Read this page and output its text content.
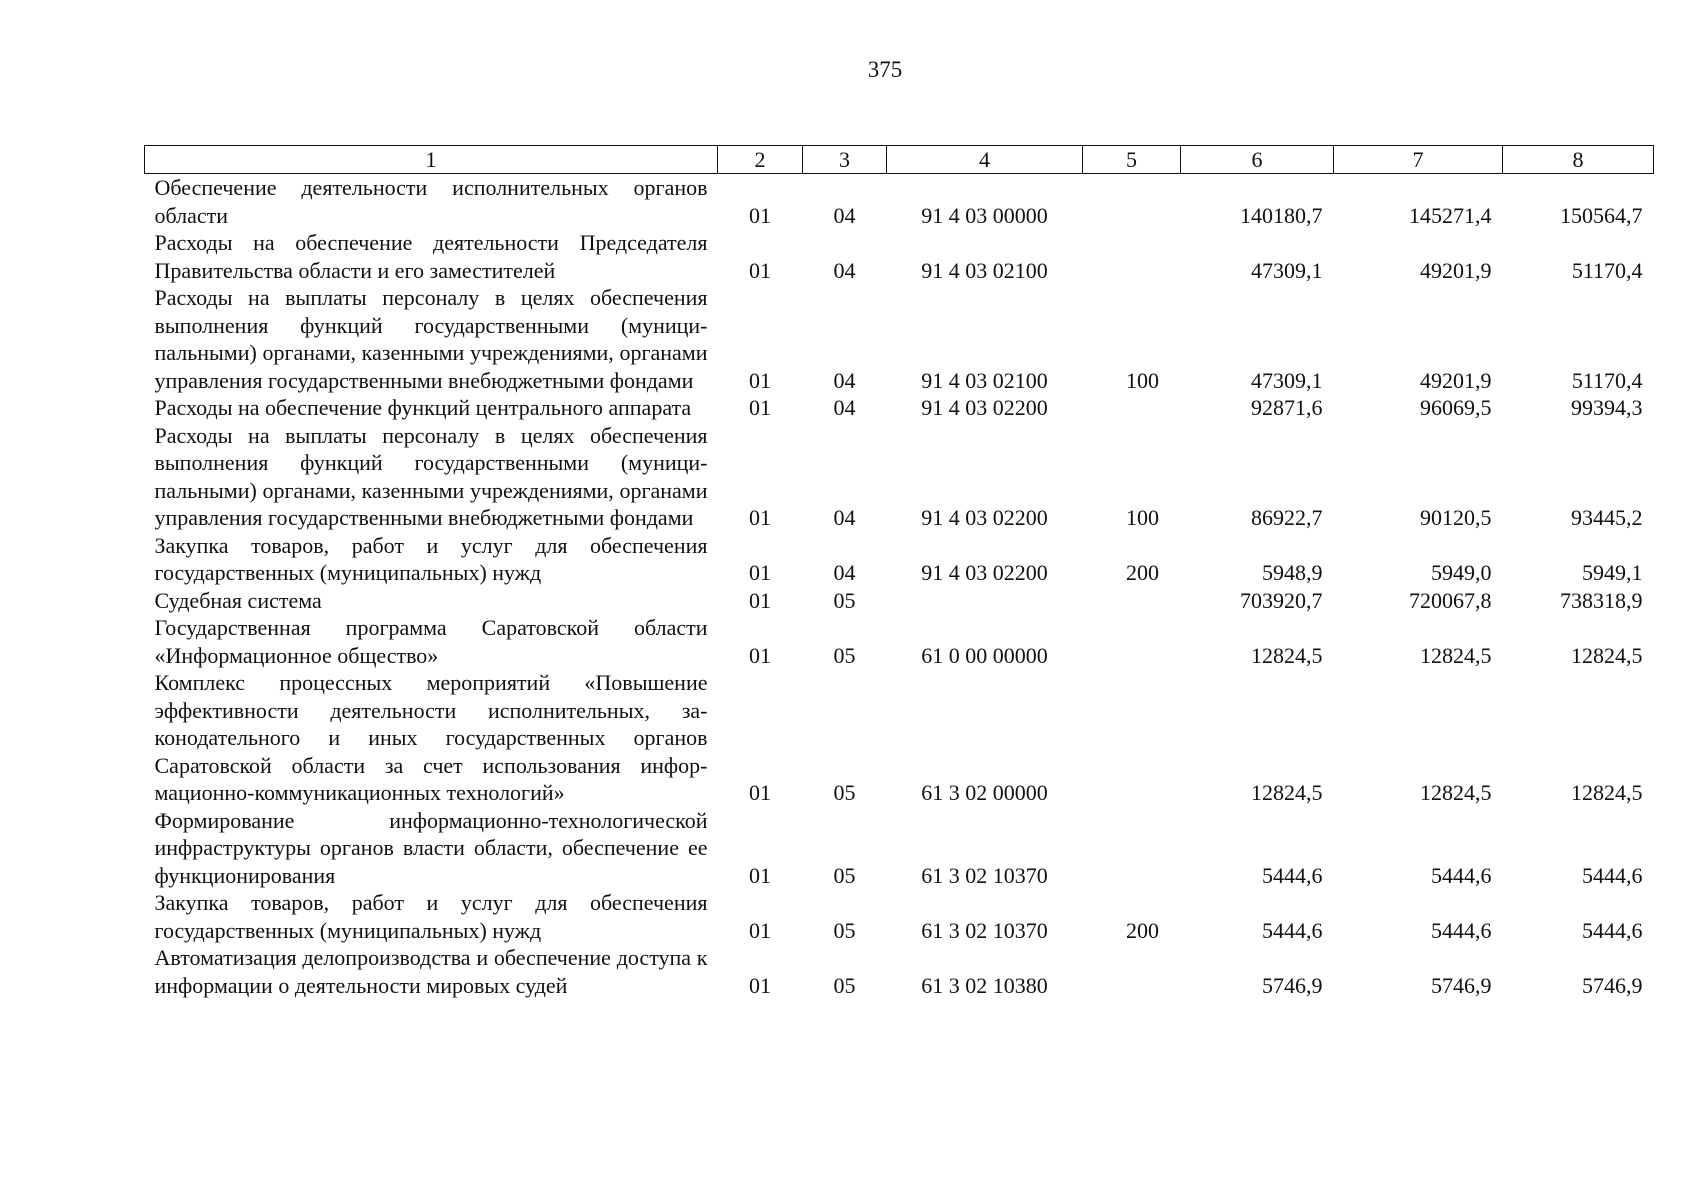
375
1	2	3	4	5	6	7	8
Обеспечение деятельности исполнительных органов области	01	04	91 4 03 00000		140180,7	145271,4	150564,7
Расходы на обеспечение деятельности Председателя Правительства области и его заместителей	01	04	91 4 03 02100		47309,1	49201,9	51170,4
Расходы на выплаты персоналу в целях обеспечения выполнения функций государственными (муниципальными) органами, казенными учреждениями, органами управления государственными внебюджетными фондами	01	04	91 4 03 02100	100	47309,1	49201,9	51170,4
Расходы на обеспечение функций центрального аппарата	01	04	91 4 03 02200		92871,6	96069,5	99394,3
Расходы на выплаты персоналу в целях обеспечения выполнения функций государственными (муниципальными) органами, казенными учреждениями, органами управления государственными внебюджетными фондами	01	04	91 4 03 02200	100	86922,7	90120,5	93445,2
Закупка товаров, работ и услуг для обеспечения государственных (муниципальных) нужд	01	04	91 4 03 02200	200	5948,9	5949,0	5949,1
Судебная система	01	05			703920,7	720067,8	738318,9
Государственная программа Саратовской области «Информационное общество»	01	05	61 0 00 00000		12824,5	12824,5	12824,5
Комплекс процессных мероприятий «Повышение эффективности деятельности исполнительных, законодательного и иных государственных органов Саратовской области за счет использования информационно-коммуникационных технологий»	01	05	61 3 02 00000		12824,5	12824,5	12824,5
Формирование информационно-технологической инфраструктуры органов власти области, обеспечение ее функционирования	01	05	61 3 02 10370		5444,6	5444,6	5444,6
Закупка товаров, работ и услуг для обеспечения государственных (муниципальных) нужд	01	05	61 3 02 10370	200	5444,6	5444,6	5444,6
Автоматизация делопроизводства и обеспечение доступа к информации о деятельности мировых судей	01	05	61 3 02 10380		5746,9	5746,9	5746,9
